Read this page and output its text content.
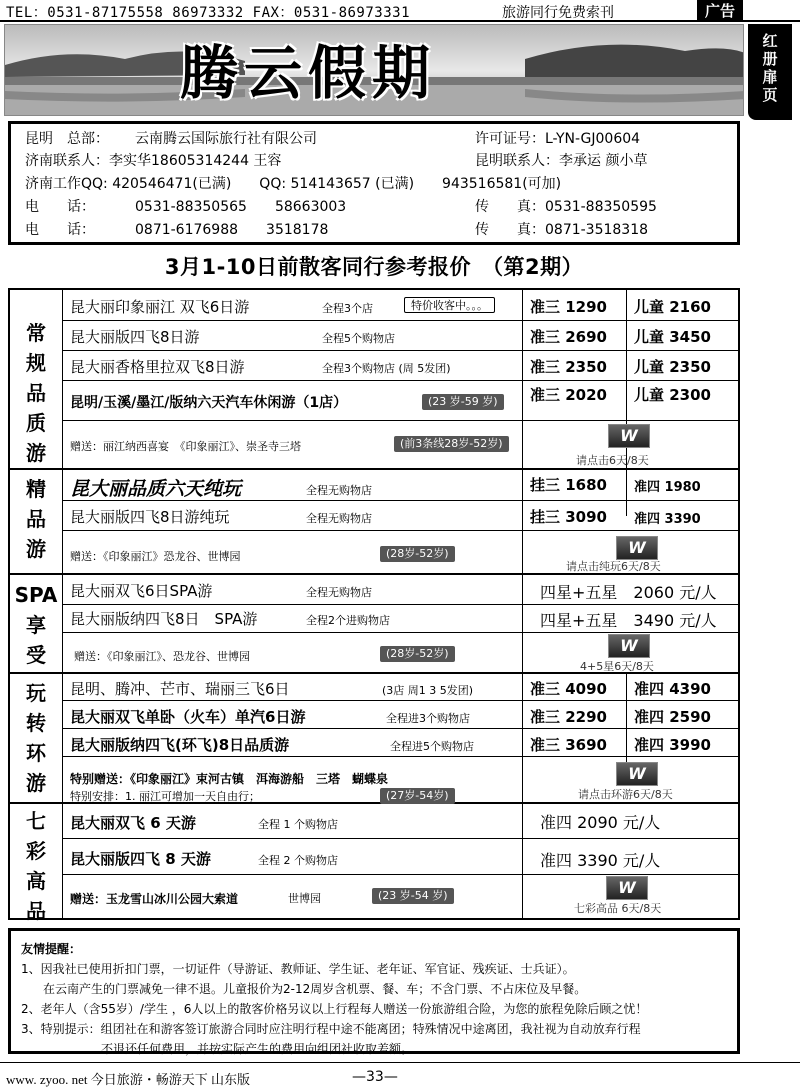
TEL：0531-87175558 86973332 FAX：0531-86973331	旅游同行免费索刊	广告
红
册
扉
页
腾云假期
昆明　总部： 云南腾云国际旅行社有限公司	许可证号：L-YN-GJ00604
济南联系人：李实华18605314244 王容	昆明联系人：李承运 颜小草
济南工作QQ: 420546471(已满)　　QQ: 514143657 (已满)　　943516581(可加)
电　　话：	0531-88350565　　58663003	传　　真：0531-88350595
电　　话：	0871-6176988　　3518178	传　　真：0871-3518318
3月1-10日前散客同行参考报价　（第2期）
常
规
品
质
游
昆大丽印象丽江 双飞6日游	全程3个店	特价收客中。。。	准三 1290 儿童 2160
昆大丽版四飞8日游	全程5个购物店	准三 2690 儿童 3450
昆大丽香格里拉双飞8日游	全程3个购物店 (周 5发团)	准三 2350 儿童 2350
昆明/玉溪/墨江/版纳六天汽车休闲游（1店）	(23 岁-59 岁)	准三 2020 儿童 2300
赠送：丽江纳西喜宴　《印象丽江》、崇圣寺三塔	(前3条线28岁-52岁)	W
请点击6天/8天
精
品
游
昆大丽品质六天纯玩	全程无购物店	挂三 1680 准四 1980
昆大丽版四飞8日游纯玩	全程无购物店	挂三 3090 准四 3390
赠送：《印象丽江》恐龙谷、世博园	(28岁-52岁)	W
请点击纯玩6天/8天
SPA
享
受
昆大丽双飞6日SPA游	全程无购物店	四星+五星　2060 元/人
昆大丽版纳四飞8日　SPA游	全程2个进购物店	四星+五星　3490 元/人
赠送：《印象丽江》、恐龙谷、世博园	(28岁-52岁)	W
4+5星6天/8天
玩
转
环
游
昆明、腾冲、芒市、瑞丽三飞6日	(3店 周1 3 5发团)	准三 4090 准四 4390
昆大丽双飞单卧（火车）单汽6日游	全程进3个购物店	准三 2290 准四 2590
昆大丽版纳四飞(环飞)8日品质游	全程进5个购物店	准三 3690 准四 3990
特别赠送：《印象丽江》束河古镇　洱海游船　三塔　蝴蝶泉
特别安排：1. 丽江可增加一天自由行；	(27岁-54岁)
W
请点击环游6天/8天
七
彩
高
品
昆大丽双飞 6 天游	全程 1 个购物店	准四 2090 元/人
昆大丽版四飞 8 天游	全程 2 个购物店	准四 3390 元/人
赠送：玉龙雪山冰川公园大索道	世博园	(23 岁-54 岁)	W
七彩高品 6天/8天
友情提醒：
1、因我社已使用折扣门票，一切证件（导游证、教师证、学生证、老年证、军官证、残疾证、士兵证）。
在云南产生的门票减免一律不退。儿童报价为2-12周岁含机票、餐、车；不含门票、不占床位及早餐。
2、老年人（含55岁）/学生 ，6人以上的散客价格另议以上行程每人赠送一份旅游组合险，为您的旅程免除后顾之忧！
3、特别提示：组团社在和游客签订旅游合同时应注明行程中途不能离团；特殊情况中途离团，我社视为自动放弃行程
不退还任何费用，并按实际产生的费用向组团社收取差额。
www. zyoo. net 今日旅游・畅游天下 山东版	—33—
